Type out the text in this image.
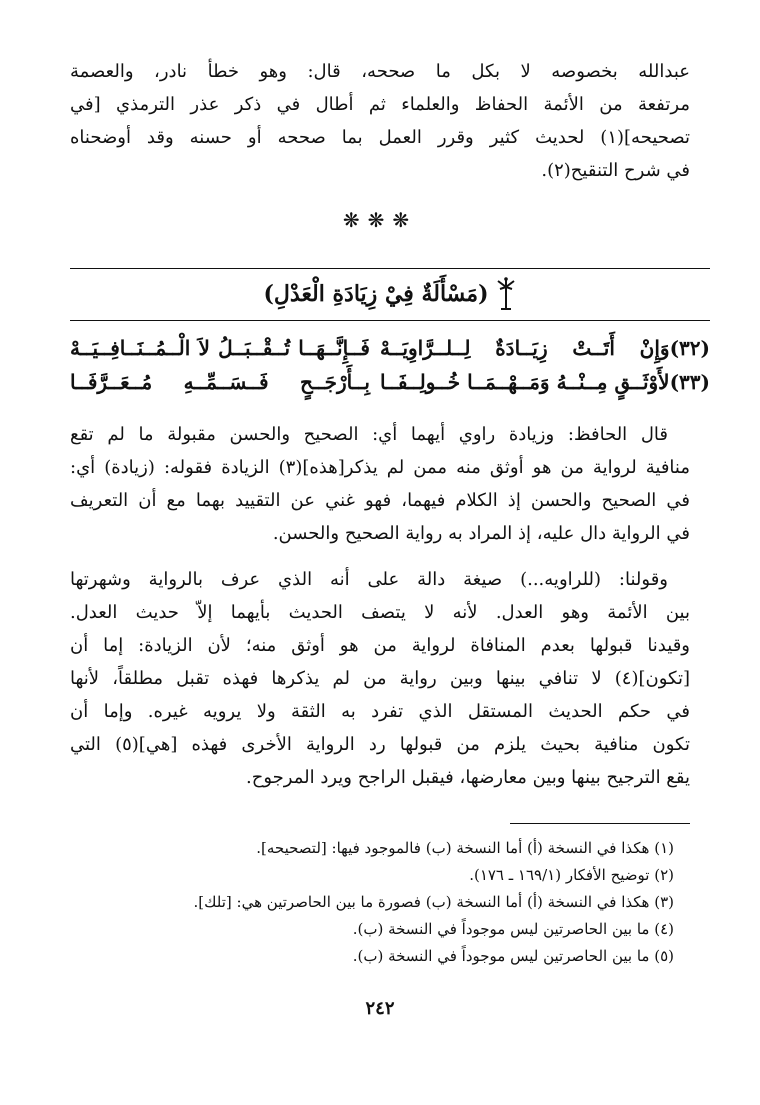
عبدالله بخصوصه لا بكل ما صححه، قال: وهو خطأ نادر، والعصمة
مرتفعة من الأئمة الحفاظ والعلماء ثم أطال في ذكر عذر الترمذي [في
تصحيحه](١) لحديث كثير وقرر العمل بما صححه أو حسنه وقد أوضحناه
في شرح التنقيح(٢).
❋❋❋
(مَسْأَلَةٌ فِيْ زِيَادَةِ الْعَدْلِ)
(٣٢)وَإِنْ أَتَــتْ زِيَــادَةٌ لِــلــرَّاوِيَــهْ
فَــإِنَّــهَــا تُــقْــبَــلُ لاَ الْــمُــنَــافِــيَــهْ
(٣٣)لأَوْثَــقٍ مِــنْــهُ وَمَــهْــمَــا خُــولِــفَــا
بِــأَرْجَــحٍ فَــسَــمِّــهِ مُــعَــرَّفَــا
قال الحافظ: وزيادة راوي أيهما أي: الصحيح والحسن مقبولة ما لم تقع
منافية لرواية من هو أوثق منه ممن لم يذكر[هذه](٣) الزيادة فقوله: (زيادة) أي:
في الصحيح والحسن إذ الكلام فيهما، فهو غني عن التقييد بهما مع أن التعريف
في الرواية دال عليه، إذ المراد به رواية الصحيح والحسن.
وقولنا: (للراويه...) صيغة دالة على أنه الذي عرف بالرواية وشهرتها
بين الأئمة وهو العدل. لأنه لا يتصف الحديث بأيهما إلاّ حديث العدل.
وقيدنا قبولها بعدم المنافاة لرواية من هو أوثق منه؛ لأن الزيادة: إما أن
[تكون](٤) لا تنافي بينها وبين رواية من لم يذكرها فهذه تقبل مطلقاً، لأنها
في حكم الحديث المستقل الذي تفرد به الثقة ولا يرويه غيره. وإما أن
تكون منافية بحيث يلزم من قبولها رد الرواية الأخرى فهذه [هي](٥) التي
يقع الترجيح بينها وبين معارضها، فيقبل الراجح ويرد المرجوح.
(١) هكذا في النسخة (أ) أما النسخة (ب) فالموجود فيها: [لتصحيحه].
(٢) توضيح الأفكار (١٦٩/١ ـ ١٧٦).
(٣) هكذا في النسخة (أ) أما النسخة (ب) فصورة ما بين الحاصرتين هي: [تلك].
(٤) ما بين الحاصرتين ليس موجوداً في النسخة (ب).
(٥) ما بين الحاصرتين ليس موجوداً في النسخة (ب).
٢٤٢
